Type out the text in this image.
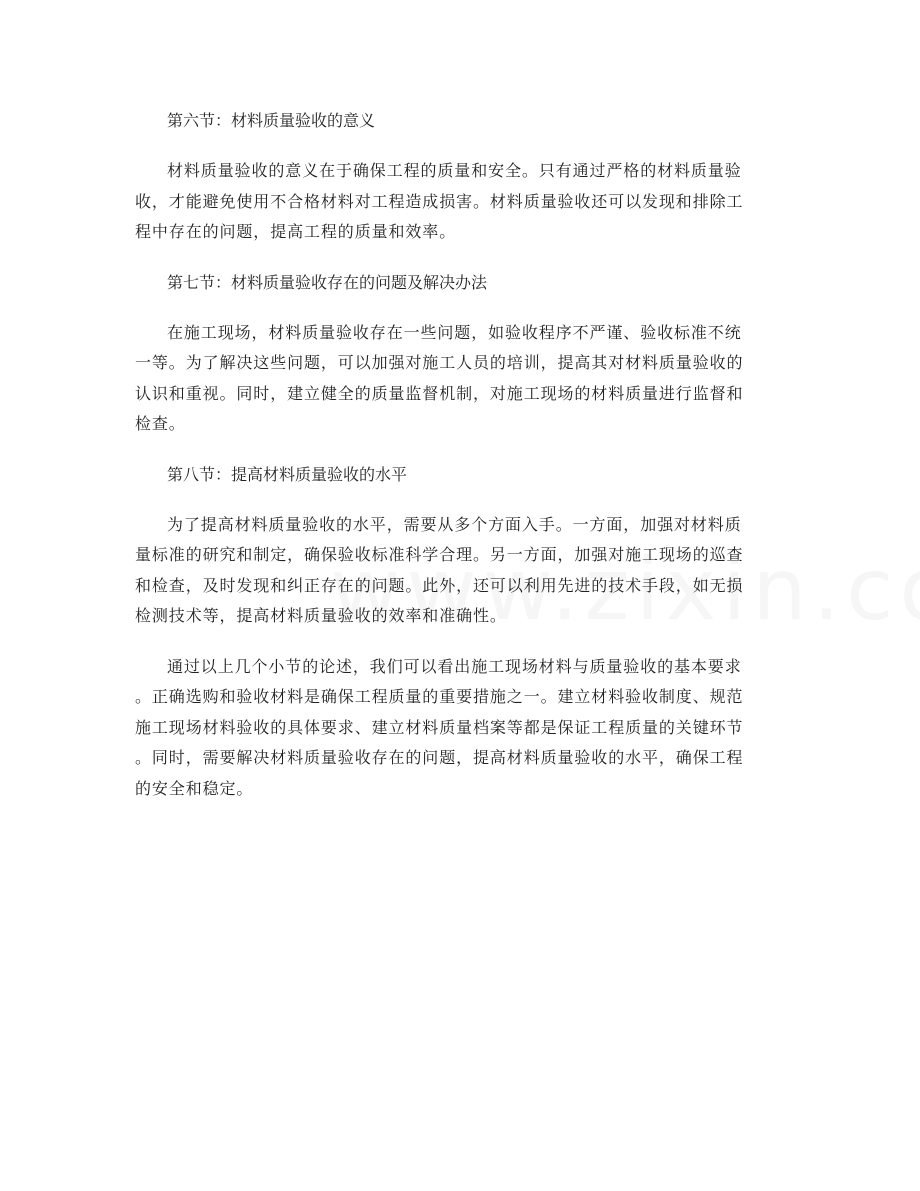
第六节：材料质量验收的意义
材料质量验收的意义在于确保工程的质量和安全。只有通过严格的材料质量验
收，才能避免使用不合格材料对工程造成损害。材料质量验收还可以发现和排除工
程中存在的问题，提高工程的质量和效率。
第七节：材料质量验收存在的问题及解决办法
在施工现场，材料质量验收存在一些问题，如验收程序不严谨、验收标准不统
一等。为了解决这些问题，可以加强对施工人员的培训，提高其对材料质量验收的
认识和重视。同时，建立健全的质量监督机制，对施工现场的材料质量进行监督和
检查。
第八节：提高材料质量验收的水平
为了提高材料质量验收的水平，需要从多个方面入手。一方面，加强对材料质
量标准的研究和制定，确保验收标准科学合理。另一方面，加强对施工现场的巡查
和检查，及时发现和纠正存在的问题。此外，还可以利用先进的技术手段，如无损
检测技术等，提高材料质量验收的效率和准确性。
通过以上几个小节的论述，我们可以看出施工现场材料与质量验收的基本要求
。正确选购和验收材料是确保工程质量的重要措施之一。建立材料验收制度、规范
施工现场材料验收的具体要求、建立材料质量档案等都是保证工程质量的关键环节
。同时，需要解决材料质量验收存在的问题，提高材料质量验收的水平，确保工程
的安全和稳定。
